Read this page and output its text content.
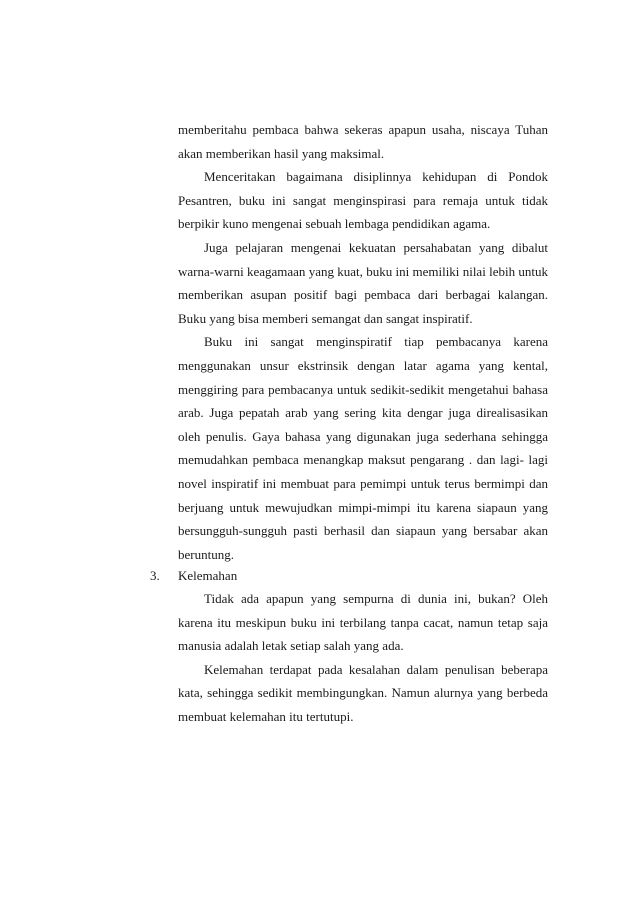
memberitahu pembaca bahwa sekeras apapun usaha, niscaya Tuhan akan memberikan hasil yang maksimal.

Menceritakan bagaimana disiplinnya kehidupan di Pondok Pesantren, buku ini sangat menginspirasi para remaja untuk tidak berpikir kuno mengenai sebuah lembaga pendidikan agama.

Juga pelajaran mengenai kekuatan persahabatan yang dibalut warna-warni keagamaan yang kuat, buku ini memiliki nilai lebih untuk memberikan asupan positif bagi pembaca dari berbagai kalangan. Buku yang bisa memberi semangat dan sangat inspiratif.

Buku ini sangat menginspiratif tiap pembacanya karena menggunakan unsur ekstrinsik dengan latar agama yang kental, menggiring para pembacanya untuk sedikit-sedikit mengetahui bahasa arab. Juga pepatah arab yang sering kita dengar juga direalisasikan oleh penulis. Gaya bahasa yang digunakan juga sederhana sehingga memudahkan pembaca menangkap maksut pengarang . dan lagi- lagi novel inspiratif ini membuat para pemimpi untuk terus bermimpi dan berjuang untuk mewujudkan mimpi-mimpi itu karena siapaun yang bersungguh-sungguh pasti berhasil dan siapaun yang bersabar akan beruntung.

3. Kelemahan

Tidak ada apapun yang sempurna di dunia ini, bukan? Oleh karena itu meskipun buku ini terbilang tanpa cacat, namun tetap saja manusia adalah letak setiap salah yang ada.

Kelemahan terdapat pada kesalahan dalam penulisan beberapa kata, sehingga sedikit membingungkan. Namun alurnya yang berbeda membuat kelemahan itu tertutupi.
